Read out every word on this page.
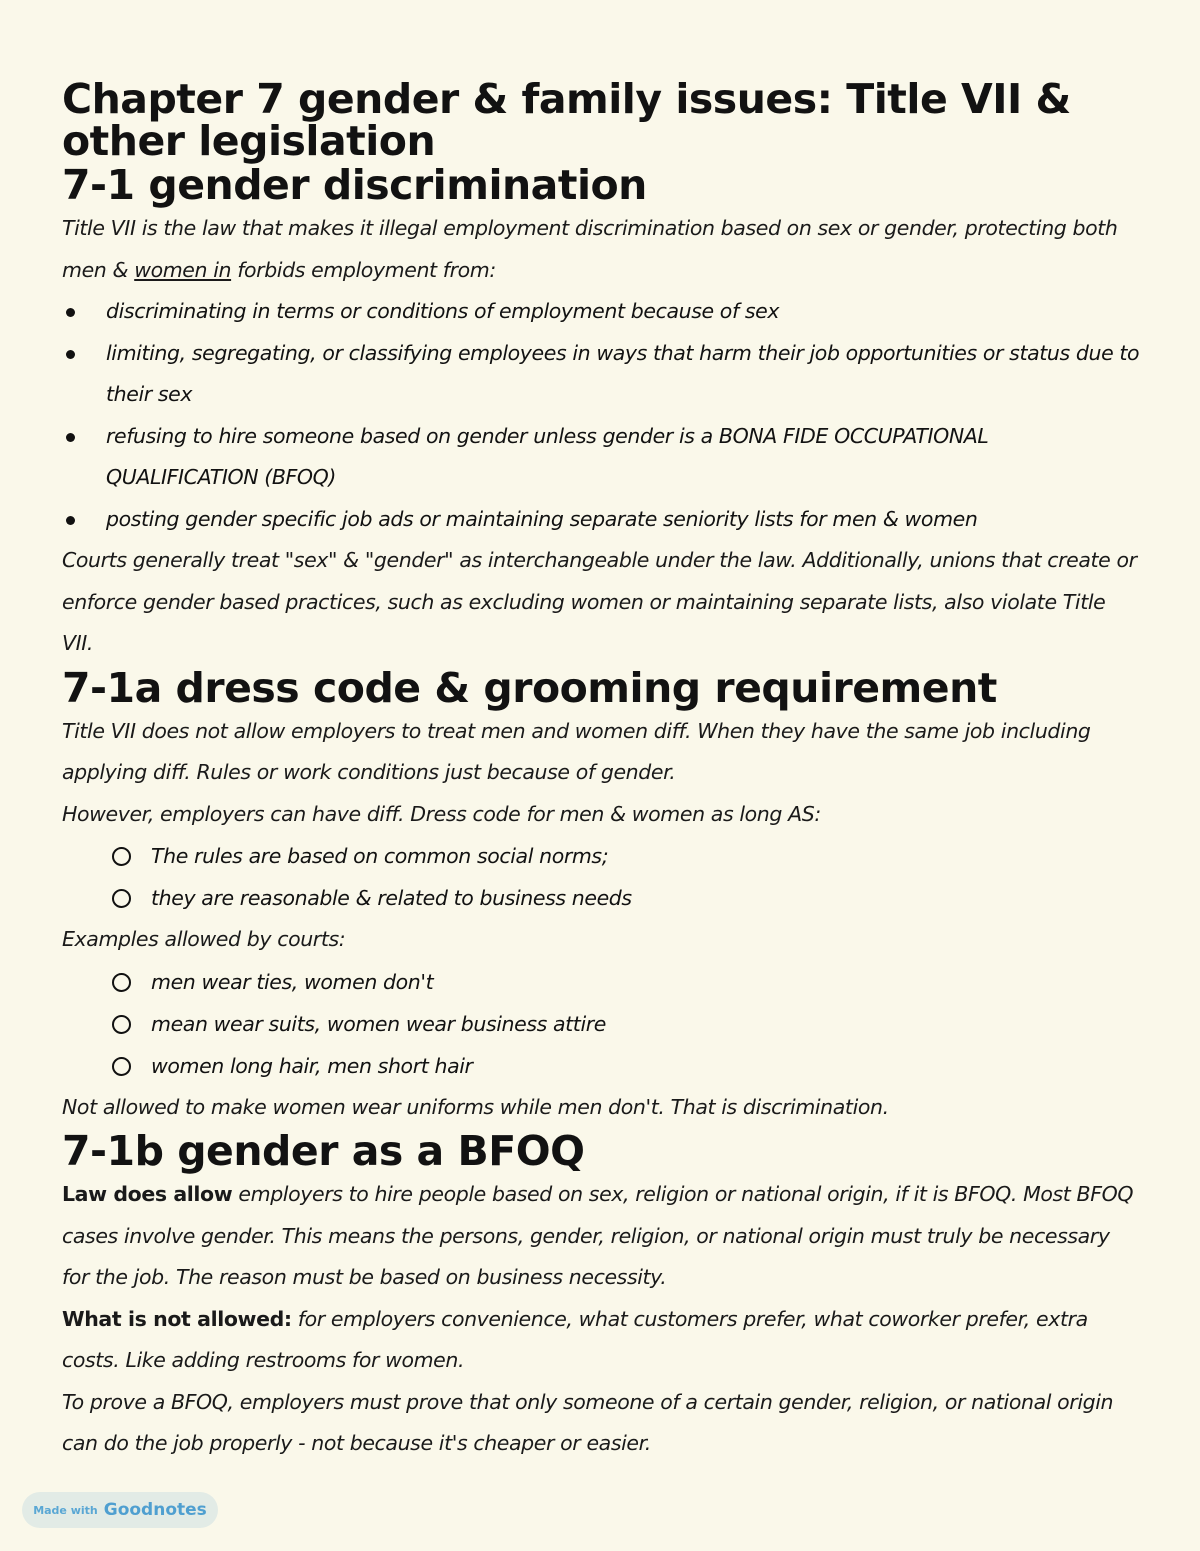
Chapter 7 gender & family issues: Title VII & other legislation
7-1 gender discrimination

Title VII is the law that makes it illegal employment discrimination based on sex or gender, protecting both men & women in forbids employment from:

discriminating in terms or conditions of employment because of sex
limiting, segregating, or classifying employees in ways that harm their job opportunities or status due to their sex
refusing to hire someone based on gender unless gender is a BONA FIDE OCCUPATIONAL QUALIFICATION (BFOQ)
posting gender specific job ads or maintaining separate seniority lists for men & women

Courts generally treat "sex" & "gender" as interchangeable under the law. Additionally, unions that create or enforce gender based practices, such as excluding women or maintaining separate lists, also violate Title VII.

7-1a dress code & grooming requirement

Title VII does not allow employers to treat men and women diff. When they have the same job including applying diff. Rules or work conditions just because of gender.

However, employers can have diff. Dress code for men & women as long AS:

The rules are based on common social norms;
they are reasonable & related to business needs

Examples allowed by courts:

men wear ties, women don't
mean wear suits, women wear business attire
women long hair, men short hair

Not allowed to make women wear uniforms while men don't. That is discrimination.

7-1b gender as a BFOQ

Law does allow employers to hire people based on sex, religion or national origin, if it is BFOQ. Most BFOQ cases involve gender. This means the persons, gender, religion, or national origin must truly be necessary for the job. The reason must be based on business necessity.

What is not allowed: for employers convenience, what customers prefer, what coworker prefer, extra costs. Like adding restrooms for women.

To prove a BFOQ, employers must prove that only someone of a certain gender, religion, or national origin can do the job properly - not because it's cheaper or easier.

Made with Goodnotes
